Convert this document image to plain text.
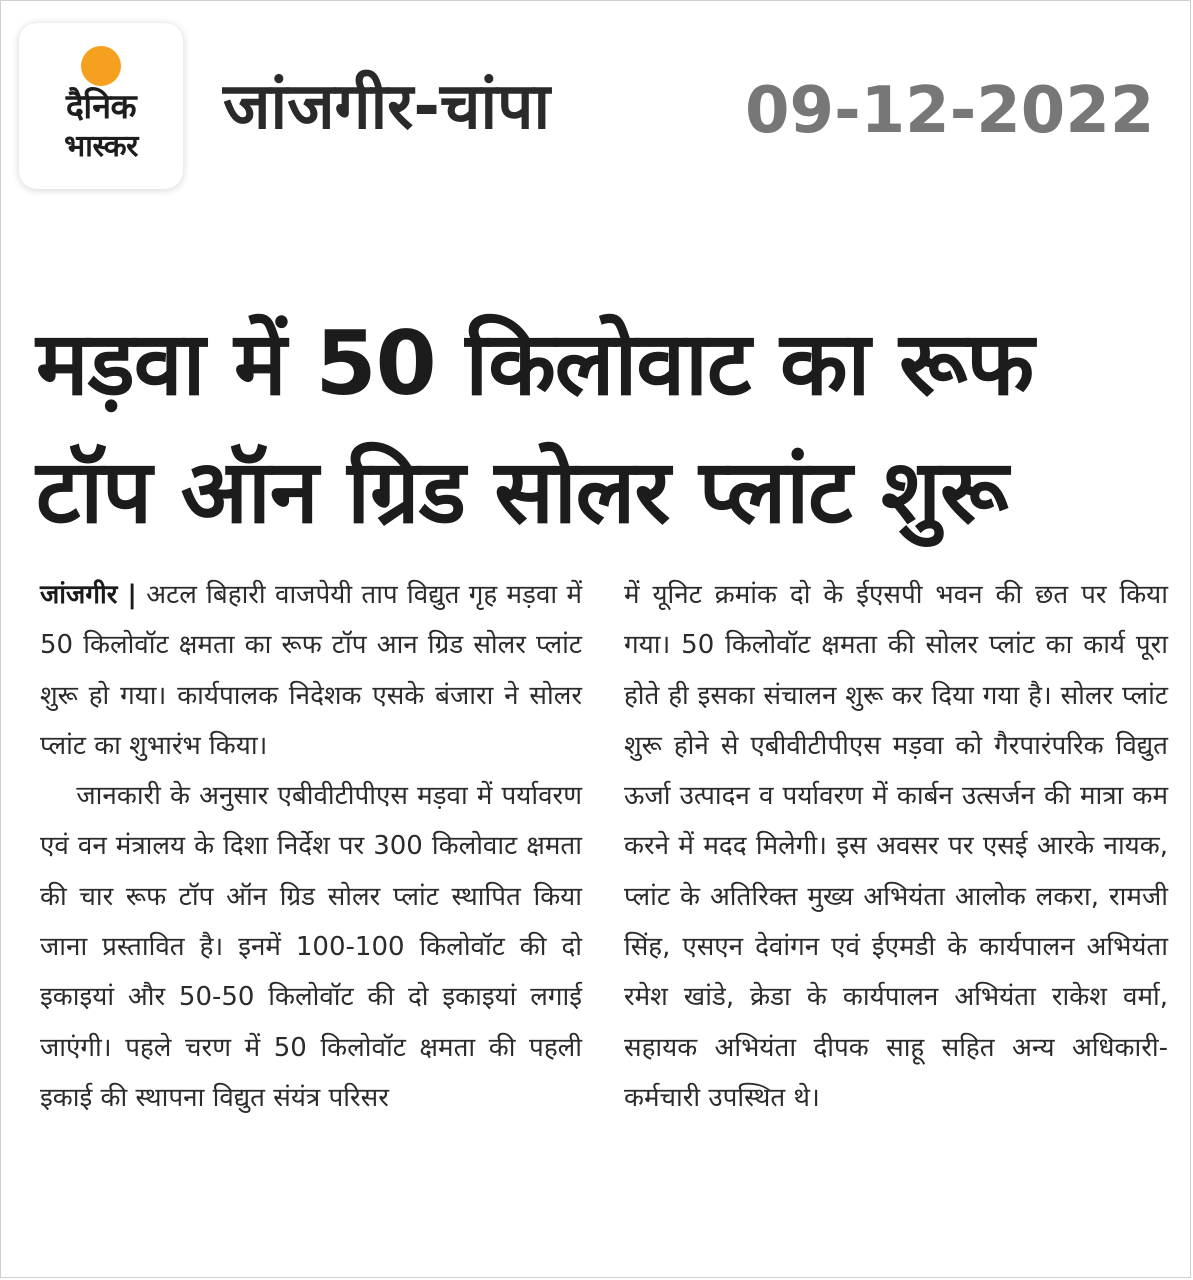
दैनिक
भास्कर
जांजगीर-चांपा	09-12-2022
मड़वा में 50 किलोवाट का रूफ
टॉप ऑन ग्रिड सोलर प्लांट शुरू

जांजगीर | अटल बिहारी वाजपेयी ताप विद्युत गृह मड़वा में 50 किलोवॉट क्षमता का रूफ टॉप आन ग्रिड सोलर प्लांट शुरू हो गया। कार्यपालक निदेशक एसके बंजारा ने सोलर प्लांट का शुभारंभ किया।

जानकारी के अनुसार एबीवीटीपीएस मड़वा में पर्यावरण एवं वन मंत्रालय के दिशा निर्देश पर 300 किलोवाट क्षमता की चार रूफ टॉप ऑन ग्रिड सोलर प्लांट स्थापित किया जाना प्रस्तावित है। इनमें 100-100 किलोवॉट की दो इकाइयां और 50-50 किलोवॉट की दो इकाइयां लगाई जाएंगी। पहले चरण में 50 किलोवॉट क्षमता की पहली इकाई की स्थापना विद्युत संयंत्र परिसर

में यूनिट क्रमांक दो के ईएसपी भवन की छत पर किया गया। 50 किलोवॉट क्षमता की सोलर प्लांट का कार्य पूरा होते ही इसका संचालन शुरू कर दिया गया है। सोलर प्लांट शुरू होने से एबीवीटीपीएस मड़वा को गैरपारंपरिक विद्युत ऊर्जा उत्पादन व पर्यावरण में कार्बन उत्सर्जन की मात्रा कम करने में मदद मिलेगी। इस अवसर पर एसई आरके नायक, प्लांट के अतिरिक्त मुख्य अभियंता आलोक लकरा, रामजी सिंह, एसएन देवांगन एवं ईएमडी के कार्यपालन अभियंता रमेश खांडे, क्रेडा के कार्यपालन अभियंता राकेश वर्मा, सहायक अभियंता दीपक साहू सहित अन्य अधिकारी-कर्मचारी उपस्थित थे।
